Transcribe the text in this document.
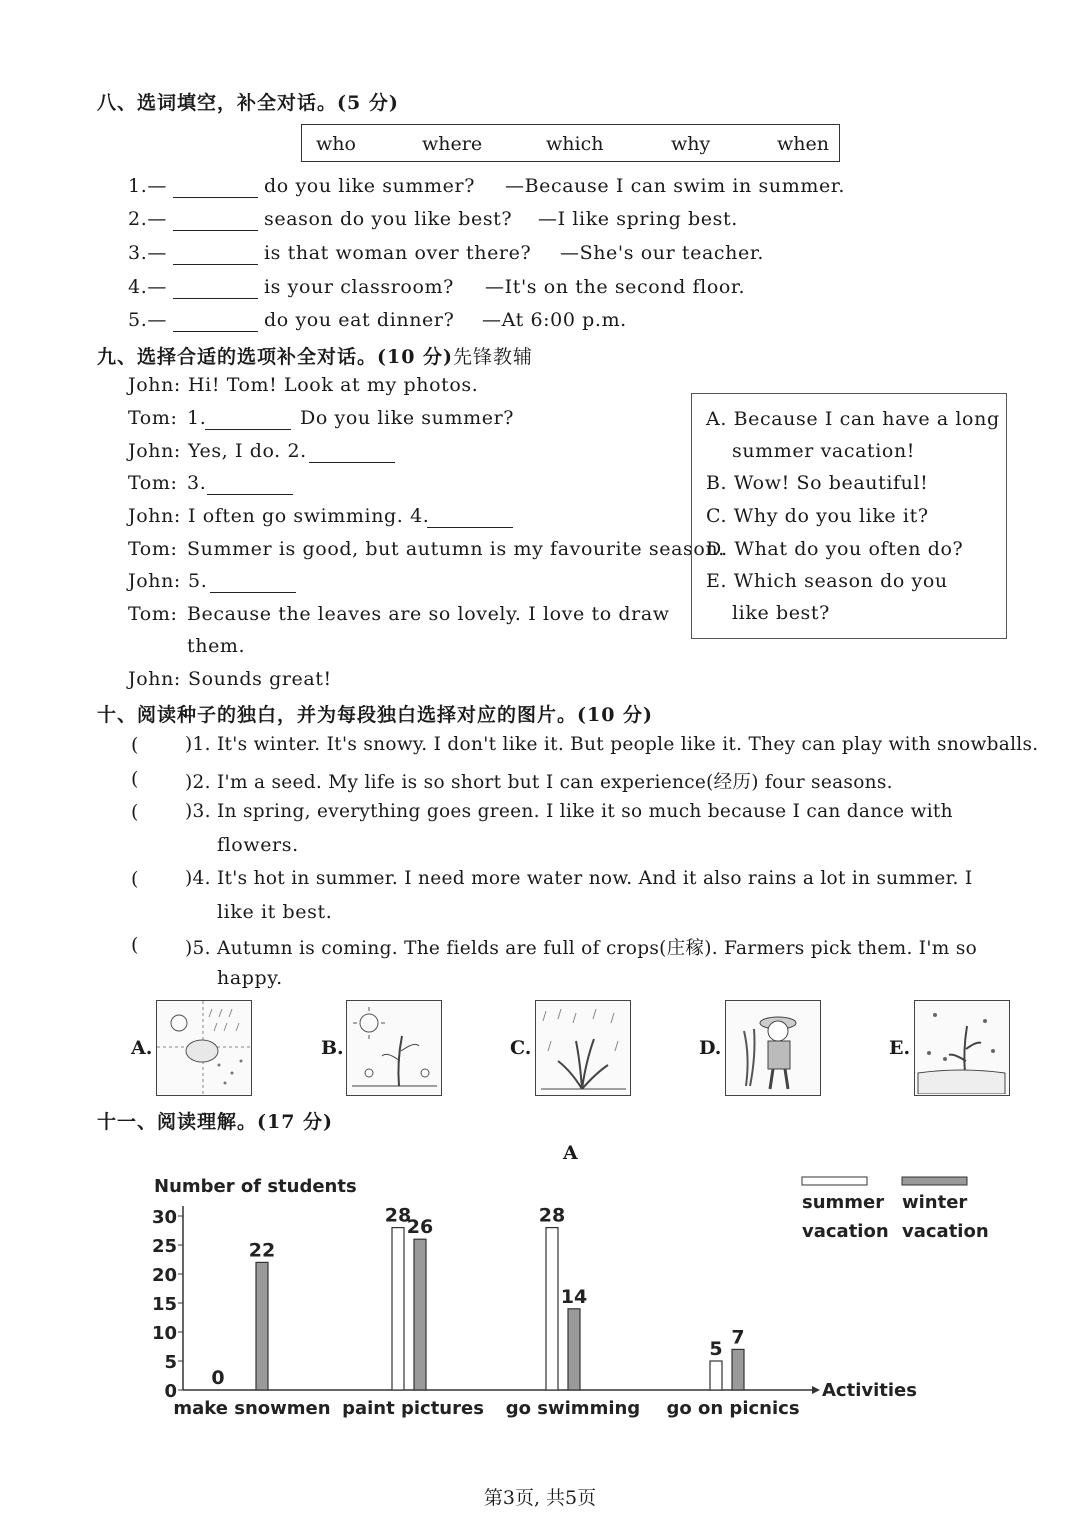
八、选词填空，补全对话。(5 分)
who	where	which	why	when
1.—	do you like summer? —Because I can swim in summer.
2.—	season do you like best? —I like spring best.
3.—	is that woman over there? —She's our teacher.
4.—	is your classroom? —It's on the second floor.
5.—	do you eat dinner? —At 6:00 p.m.
九、选择合适的选项补全对话。(10 分)先锋教辅
John: Hi! Tom! Look at my photos.
Tom: 1.	Do you like summer?
John: Yes, I do. 2.
Tom: 3.
John: I often go swimming. 4.
Tom: Summer is good, but autumn is my favourite season.
John: 5.
Tom: Because the leaves are so lovely. I love to draw
them.
John: Sounds great!
A. Because I can have a long
summer vacation!
B. Wow! So beautiful!
C. Why do you like it?
D. What do you often do?
E. Which season do you
like best?
十、阅读种子的独白，并为每段独白选择对应的图片。(10 分)
( )1. It's winter. It's snowy. I don't like it. But people like it. They can play with snowballs.
( )2. I'm a seed. My life is so short but I can experience(经历) four seasons.
( )3. In spring, everything goes green. I like it so much because I can dance with
flowers.
( )4. It's hot in summer. I need more water now. And it also rains a lot in summer. I
like it best.
( )5. Autumn is coming. The fields are full of crops(庄稼). Farmers pick them. I'm so
happy.
A.	B.	C.	D.	E.
十一、阅读理解。(17 分)
A
Number of students
Activities
0
5
10
15
20
25
30
make snowmen
0
22
paint pictures
28
26
go swimming
28
14
go on picnics
5
7
summer
vacation
winter
vacation
第3页, 共5页
